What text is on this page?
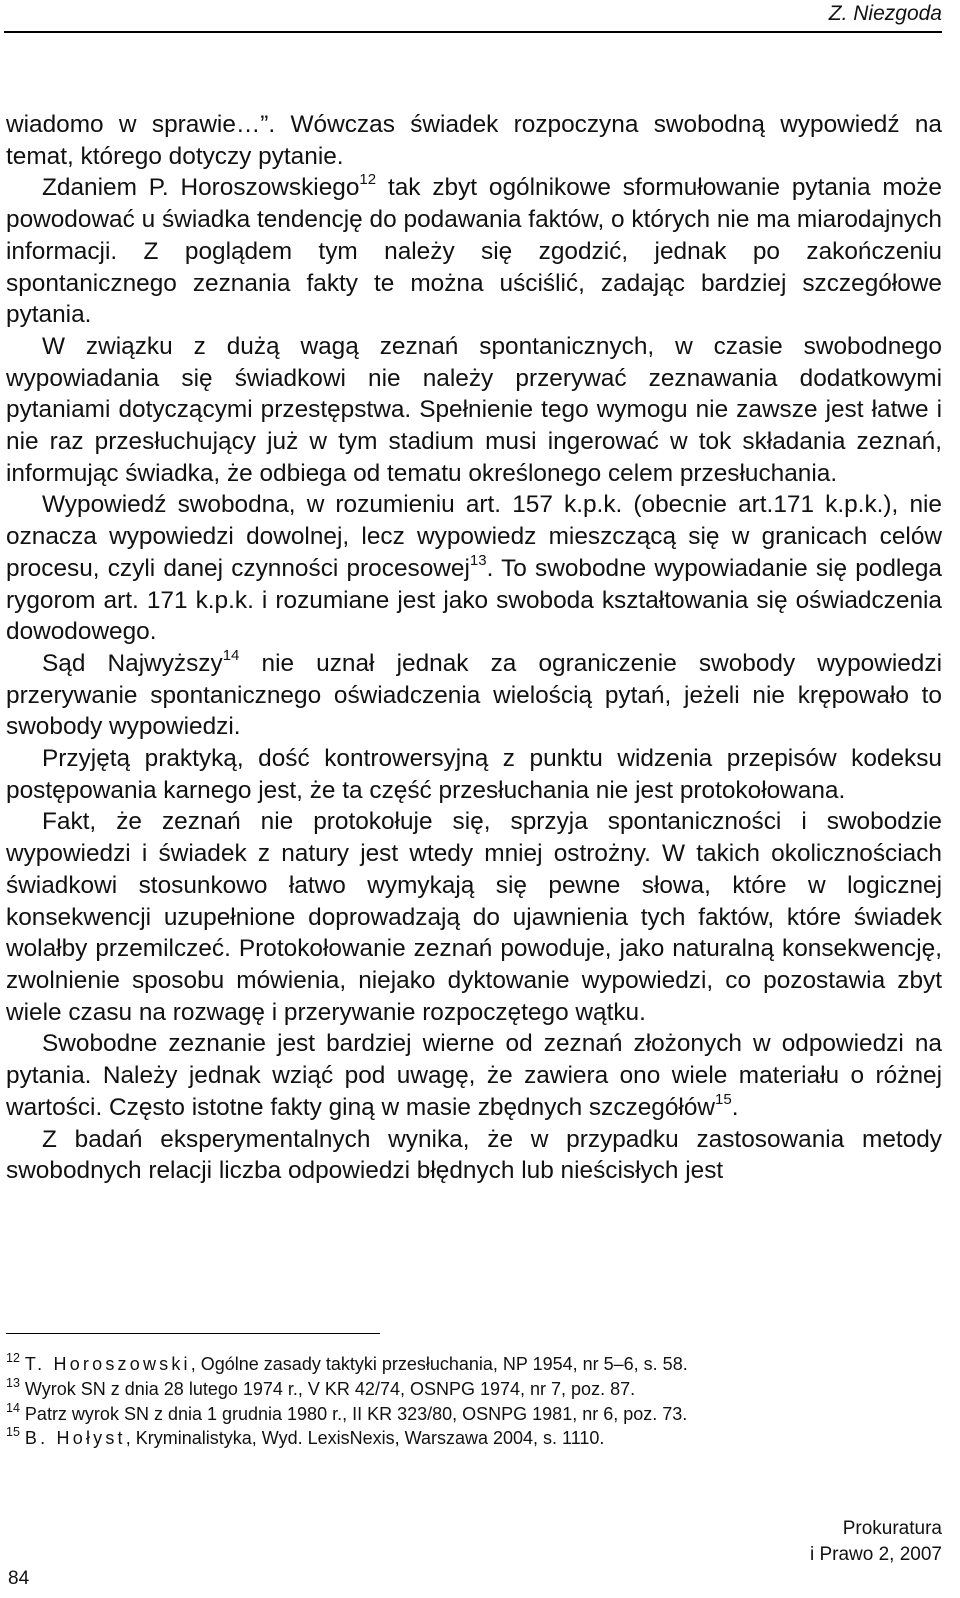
Z. Niezgoda

wiadomo w sprawie…”. Wówczas świadek rozpoczyna swobodną wypowiedź na temat, którego dotyczy pytanie.

Zdaniem P. Horoszowskiego$^{12}$ tak zbyt ogólnikowe sformułowanie pytania może powodować u świadka tendencję do podawania faktów, o których nie ma miarodajnych informacji. Z poglądem tym należy się zgodzić, jednak po zakończeniu spontanicznego zeznania fakty te można uściślić, zadając bardziej szczegółowe pytania.

W związku z dużą wagą zeznań spontanicznych, w czasie swobodnego wypowiadania się świadkowi nie należy przerywać zeznawania dodatkowymi pytaniami dotyczącymi przestępstwa. Spełnienie tego wymogu nie zawsze jest łatwe i nie raz przesłuchujący już w tym stadium musi ingerować w tok składania zeznań, informując świadka, że odbiega od tematu określonego celem przesłuchania.

Wypowiedź swobodna, w rozumieniu art. 157 k.p.k. (obecnie art.171 k.p.k.), nie oznacza wypowiedzi dowolnej, lecz wypowiedz mieszczącą się w granicach celów procesu, czyli danej czynności procesowej$^{13}$. To swobodne wypowiadanie się podlega rygorom art. 171 k.p.k. i rozumiane jest jako swoboda kształtowania się oświadczenia dowodowego.

Sąd Najwyższy$^{14}$ nie uznał jednak za ograniczenie swobody wypowiedzi przerywanie spontanicznego oświadczenia wielością pytań, jeżeli nie krępowało to swobody wypowiedzi.

Przyjętą praktyką, dość kontrowersyjną z punktu widzenia przepisów kodeksu postępowania karnego jest, że ta część przesłuchania nie jest protokołowana.

Fakt, że zeznań nie protokołuje się, sprzyja spontaniczności i swobodzie wypowiedzi i świadek z natury jest wtedy mniej ostrożny. W takich okolicznościach świadkowi stosunkowo łatwo wymykają się pewne słowa, które w logicznej konsekwencji uzupełnione doprowadzają do ujawnienia tych faktów, które świadek wolałby przemilczeć. Protokołowanie zeznań powoduje, jako naturalną konsekwencję, zwolnienie sposobu mówienia, niejako dyktowanie wypowiedzi, co pozostawia zbyt wiele czasu na rozwagę i przerywanie rozpoczętego wątku.

Swobodne zeznanie jest bardziej wierne od zeznań złożonych w odpowiedzi na pytania. Należy jednak wziąć pod uwagę, że zawiera ono wiele materiału o różnej wartości. Często istotne fakty giną w masie zbędnych szczegółów$^{15}$.

Z badań eksperymentalnych wynika, że w przypadku zastosowania metody swobodnych relacji liczba odpowiedzi błędnych lub nieścisłych jest

$^{12}$ T. Horoszowski, Ogólne zasady taktyki przesłuchania, NP 1954, nr 5–6, s. 58.
$^{13}$ Wyrok SN z dnia 28 lutego 1974 r., V KR 42/74, OSNPG 1974, nr 7, poz. 87.
$^{14}$ Patrz wyrok SN z dnia 1 grudnia 1980 r., II KR 323/80, OSNPG 1981, nr 6, poz. 73.
$^{15}$ B. Hołyst, Kryminalistyka, Wyd. LexisNexis, Warszawa 2004, s. 1110.
84
Prokuratura
i Prawo 2, 2007
